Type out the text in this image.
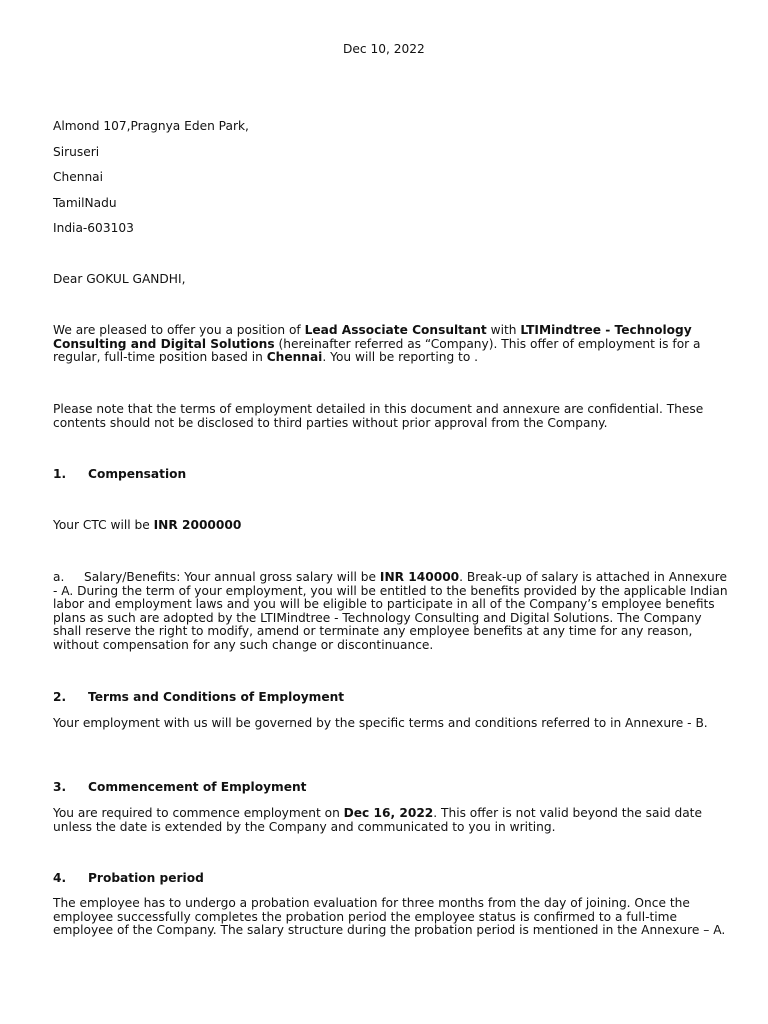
Dec 10, 2022
Almond 107,Pragnya Eden Park,
Siruseri
Chennai
TamilNadu
India-603103
Dear GOKUL GANDHI,
We are pleased to offer you a position of Lead Associate Consultant with LTIMindtree - Technology Consulting and Digital Solutions (hereinafter referred as “Company). This offer of employment is for a regular, full-time position based in Chennai. You will be reporting to .
Please note that the terms of employment detailed in this document and annexure are confidential. These contents should not be disclosed to third parties without prior approval from the Company.
1. Compensation
Your CTC will be INR 2000000
a. Salary/Benefits: Your annual gross salary will be INR 140000. Break-up of salary is attached in Annexure - A. During the term of your employment, you will be entitled to the benefits provided by the applicable Indian labor and employment laws and you will be eligible to participate in all of the Company’s employee benefits plans as such are adopted by the LTIMindtree - Technology Consulting and Digital Solutions. The Company shall reserve the right to modify, amend or terminate any employee benefits at any time for any reason, without compensation for any such change or discontinuance.
2. Terms and Conditions of Employment
Your employment with us will be governed by the specific terms and conditions referred to in Annexure - B.
3. Commencement of Employment
You are required to commence employment on Dec 16, 2022. This offer is not valid beyond the said date unless the date is extended by the Company and communicated to you in writing.
4. Probation period
The employee has to undergo a probation evaluation for three months from the day of joining. Once the employee successfully completes the probation period the employee status is confirmed to a full-time employee of the Company. The salary structure during the probation period is mentioned in the Annexure – A.
